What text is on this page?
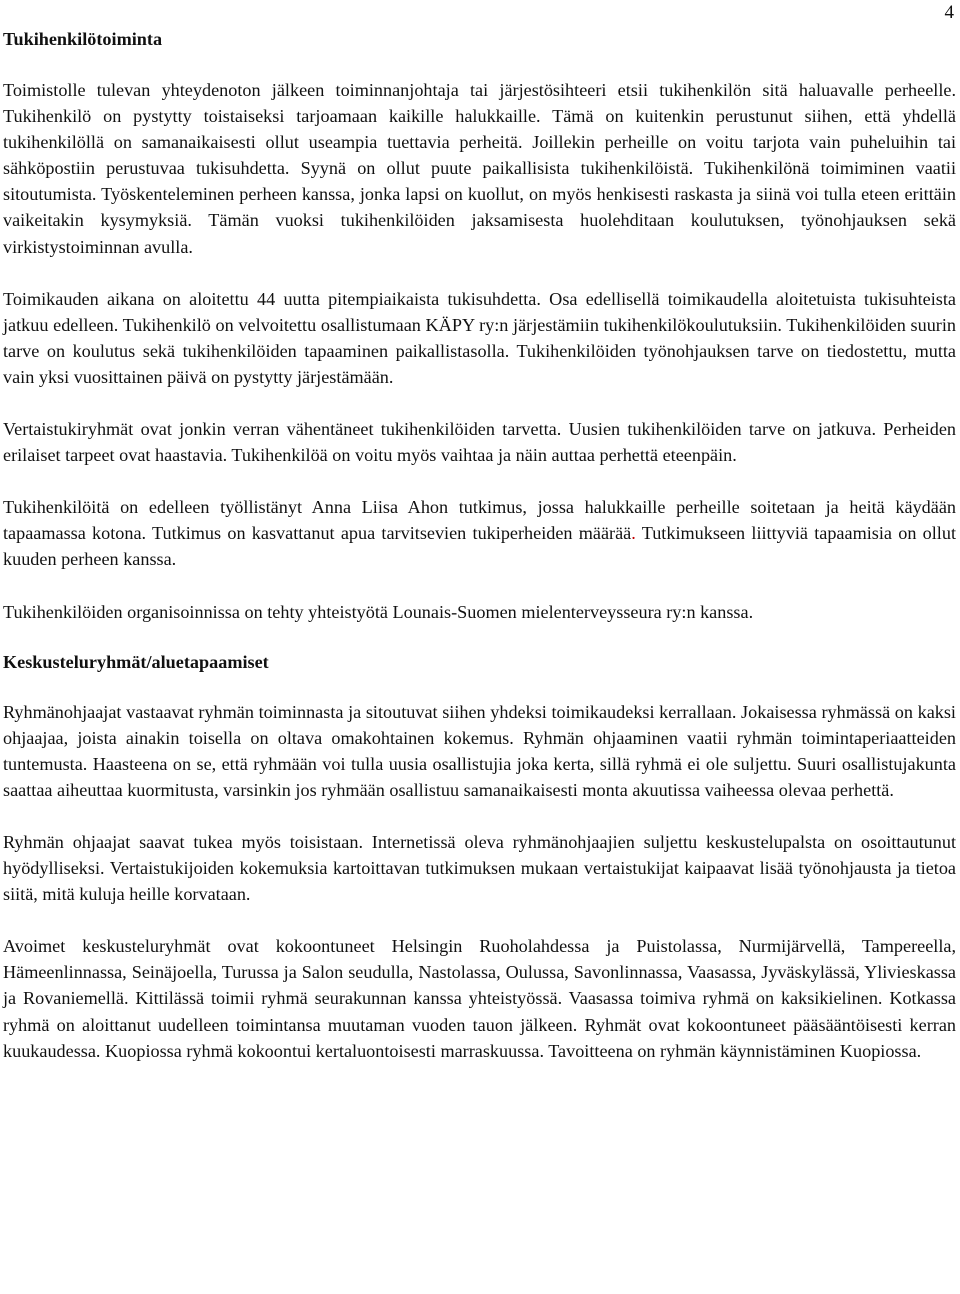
4
Tukihenkilötoiminta

Toimistolle tulevan yhteydenoton jälkeen toiminnanjohtaja tai järjestösihteeri etsii tukihenkilön sitä haluavalle perheelle. Tukihenkilö on pystytty toistaiseksi tarjoamaan kaikille halukkaille. Tämä on kuitenkin perustunut siihen, että yhdellä tukihenkilöllä on samanaikaisesti ollut useampia tuettavia perheitä. Joillekin perheille on voitu tarjota vain puheluihin tai sähköpostiin perustuvaa tukisuhdetta. Syynä on ollut puute paikallisista tukihenkilöistä. Tukihenkilönä toimiminen vaatii sitoutumista. Työskenteleminen perheen kanssa, jonka lapsi on kuollut, on myös henkisesti raskasta ja siinä voi tulla eteen erittäin vaikeitakin kysymyksiä. Tämän vuoksi tukihenkilöiden jaksamisesta huolehditaan koulutuksen, työnohjauksen sekä virkistystoiminnan avulla.

Toimikauden aikana on aloitettu 44 uutta pitempiaikaista tukisuhdetta. Osa edellisellä toimikaudella aloitetuista tukisuhteista jatkuu edelleen. Tukihenkilö on velvoitettu osallistumaan KÄPY ry:n järjestämiin tukihenkilökoulutuksiin. Tukihenkilöiden suurin tarve on koulutus sekä tukihenkilöiden tapaaminen paikallistasolla. Tukihenkilöiden työnohjauksen tarve on tiedostettu, mutta vain yksi vuosittainen päivä on pystytty järjestämään.

Vertaistukiryhmät ovat jonkin verran vähentäneet tukihenkilöiden tarvetta. Uusien tukihenkilöiden tarve on jatkuva. Perheiden erilaiset tarpeet ovat haastavia. Tukihenkilöä on voitu myös vaihtaa ja näin auttaa perhettä eteenpäin.

Tukihenkilöitä on edelleen työllistänyt Anna Liisa Ahon tutkimus, jossa halukkaille perheille soitetaan ja heitä käydään tapaamassa kotona. Tutkimus on kasvattanut apua tarvitsevien tukiperheiden määrää. Tutkimukseen liittyviä tapaamisia on ollut kuuden perheen kanssa.

Tukihenkilöiden organisoinnissa on tehty yhteistyötä Lounais-Suomen mielenterveysseura ry:n kanssa.

Keskusteluryhmät/aluetapaamiset

Ryhmänohjaajat vastaavat ryhmän toiminnasta ja sitoutuvat siihen yhdeksi toimikaudeksi kerrallaan. Jokaisessa ryhmässä on kaksi ohjaajaa, joista ainakin toisella on oltava omakohtainen kokemus. Ryhmän ohjaaminen vaatii ryhmän toimintaperiaatteiden tuntemusta. Haasteena on se, että ryhmään voi tulla uusia osallistujia joka kerta, sillä ryhmä ei ole suljettu. Suuri osallistujakunta saattaa aiheuttaa kuormitusta, varsinkin jos ryhmään osallistuu samanaikaisesti monta akuutissa vaiheessa olevaa perhettä.

Ryhmän ohjaajat saavat tukea myös toisistaan. Internetissä oleva ryhmänohjaajien suljettu keskustelupalsta on osoittautunut hyödylliseksi. Vertaistukijoiden kokemuksia kartoittavan tutkimuksen mukaan vertaistukijat kaipaavat lisää työnohjausta ja tietoa siitä, mitä kuluja heille korvataan.

Avoimet keskusteluryhmät ovat kokoontuneet Helsingin Ruoholahdessa ja Puistolassa, Nurmijärvellä, Tampereella, Hämeenlinnassa, Seinäjoella, Turussa ja Salon seudulla, Nastolassa, Oulussa, Savonlinnassa, Vaasassa, Jyväskylässä, Ylivieskassa ja Rovaniemellä. Kittilässä toimii ryhmä seurakunnan kanssa yhteistyössä. Vaasassa toimiva ryhmä on kaksikielinen. Kotkassa ryhmä on aloittanut uudelleen toimintansa muutaman vuoden tauon jälkeen. Ryhmät ovat kokoontuneet pääsääntöisesti kerran kuukaudessa. Kuopiossa ryhmä kokoontui kertaluontoisesti marraskuussa. Tavoitteena on ryhmän käynnistäminen Kuopiossa.
